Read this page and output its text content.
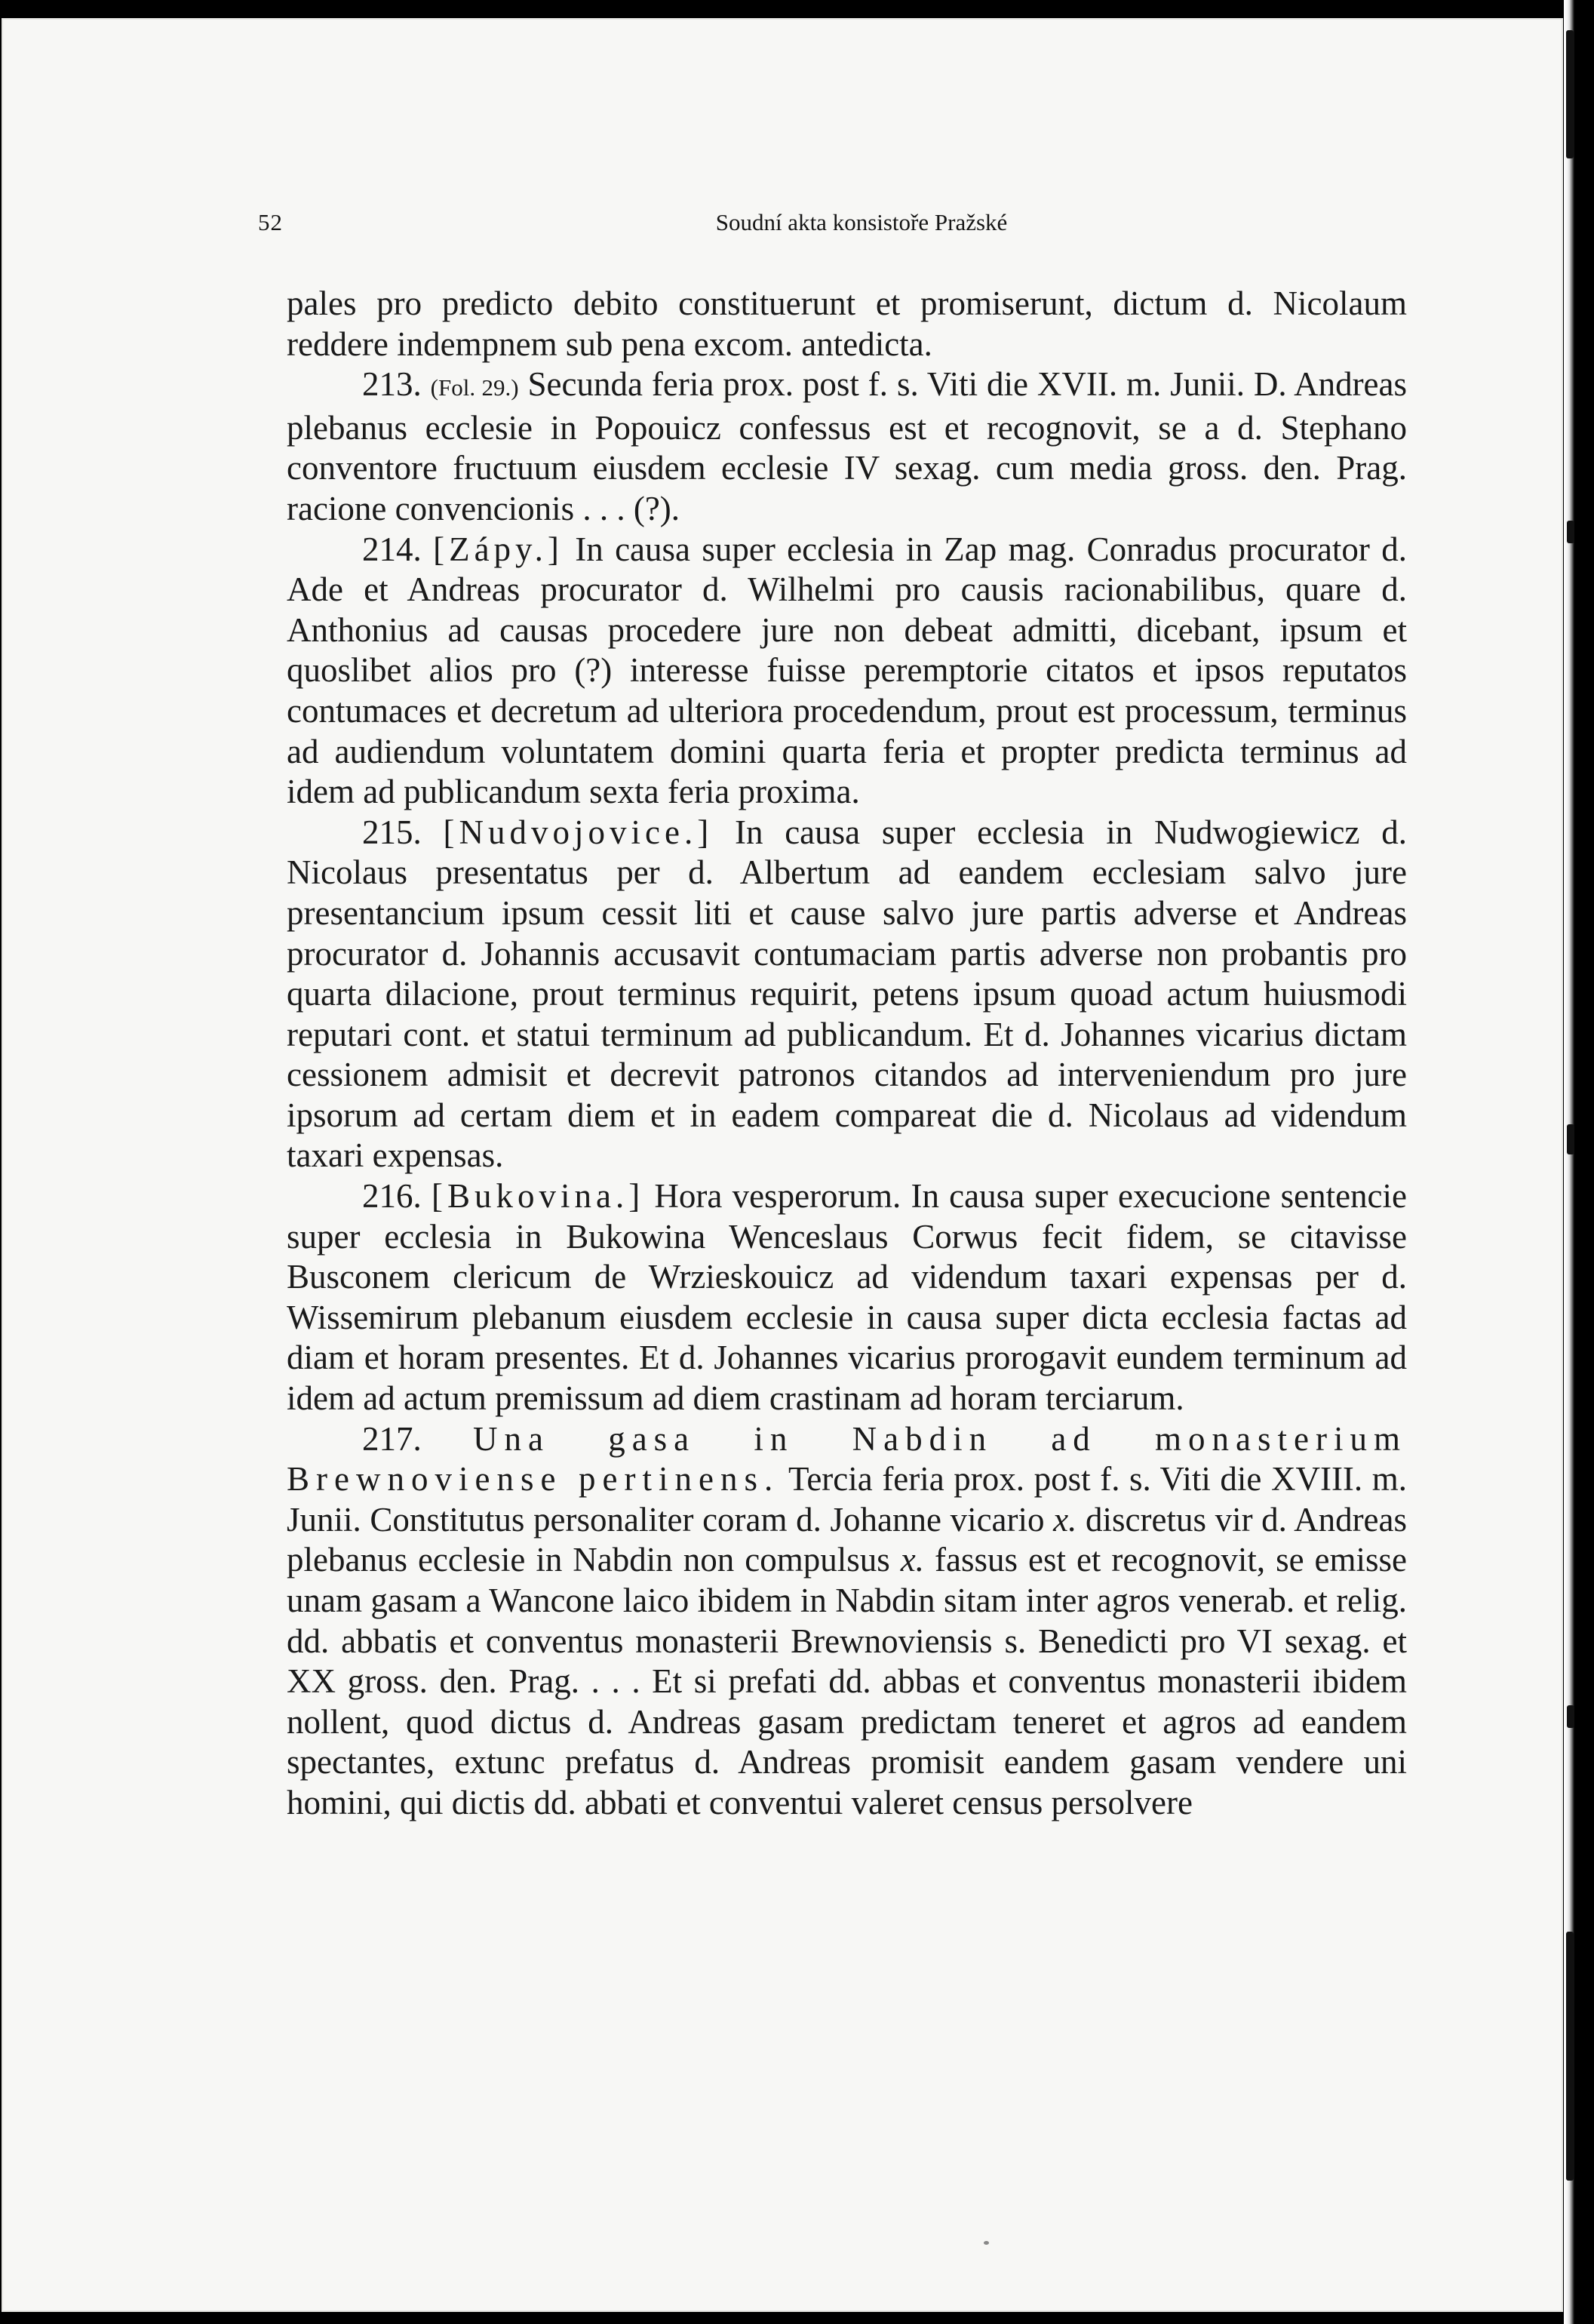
52	Soudní akta konsistoře Pražské

pales pro predicto debito constituerunt et promiserunt, dictum d. Nicolaum reddere indempnem sub pena excom. antedicta.

213. (Fol. 29.) Secunda feria prox. post f. s. Viti die XVII. m. Junii. D. Andreas plebanus ecclesie in Popouicz confessus est et recognovit, se a d. Stephano conventore fructuum eiusdem ecclesie IV sexag. cum media gross. den. Prag. racione convencionis . . . (?).

214. [Zápy.] In causa super ecclesia in Zap mag. Conradus procurator d. Ade et Andreas procurator d. Wilhelmi pro causis racionabilibus, quare d. Anthonius ad causas procedere jure non debeat admitti, dicebant, ipsum et quoslibet alios pro (?) interesse fuisse peremptorie citatos et ipsos reputatos contumaces et decretum ad ulteriora procedendum, prout est processum, terminus ad audiendum voluntatem domini quarta feria et propter predicta terminus ad idem ad publicandum sexta feria proxima.

215. [Nudvojovice.] In causa super ecclesia in Nudwogiewicz d. Nicolaus presentatus per d. Albertum ad eandem ecclesiam salvo jure presentancium ipsum cessit liti et cause salvo jure partis adverse et Andreas procurator d. Johannis accusavit contumaciam partis adverse non probantis pro quarta dilacione, prout terminus requirit, petens ipsum quoad actum huiusmodi reputari cont. et statui terminum ad publicandum. Et d. Johannes vicarius dictam cessionem admisit et decrevit patronos citandos ad interveniendum pro jure ipsorum ad certam diem et in eadem compareat die d. Nicolaus ad videndum taxari expensas.

216. [Bukovina.] Hora vesperorum. In causa super execucione sentencie super ecclesia in Bukowina Wenceslaus Corwus fecit fidem, se citavisse Busconem clericum de Wrzieskouicz ad videndum taxari expensas per d. Wissemirum plebanum eiusdem ecclesie in causa super dicta ecclesia factas ad diam et horam presentes. Et d. Johannes vicarius prorogavit eundem terminum ad idem ad actum premissum ad diem crastinam ad horam terciarum.

217. Una gasa in Nabdin ad monasterium Brewnoviense pertinens. Tercia feria prox. post f. s. Viti die XVIII. m. Junii. Constitutus personaliter coram d. Johanne vicario x. discretus vir d. Andreas plebanus ecclesie in Nabdin non compulsus x. fassus est et recognovit, se emisse unam gasam a Wancone laico ibidem in Nabdin sitam inter agros venerab. et relig. dd. abbatis et conventus monasterii Brewnoviensis s. Benedicti pro VI sexag. et XX gross. den. Prag. . . . Et si prefati dd. abbas et conventus monasterii ibidem nollent, quod dictus d. Andreas gasam predictam teneret et agros ad eandem spectantes, extunc prefatus d. Andreas promisit eandem gasam vendere uni homini, qui dictis dd. abbati et conventui valeret census persolvere
